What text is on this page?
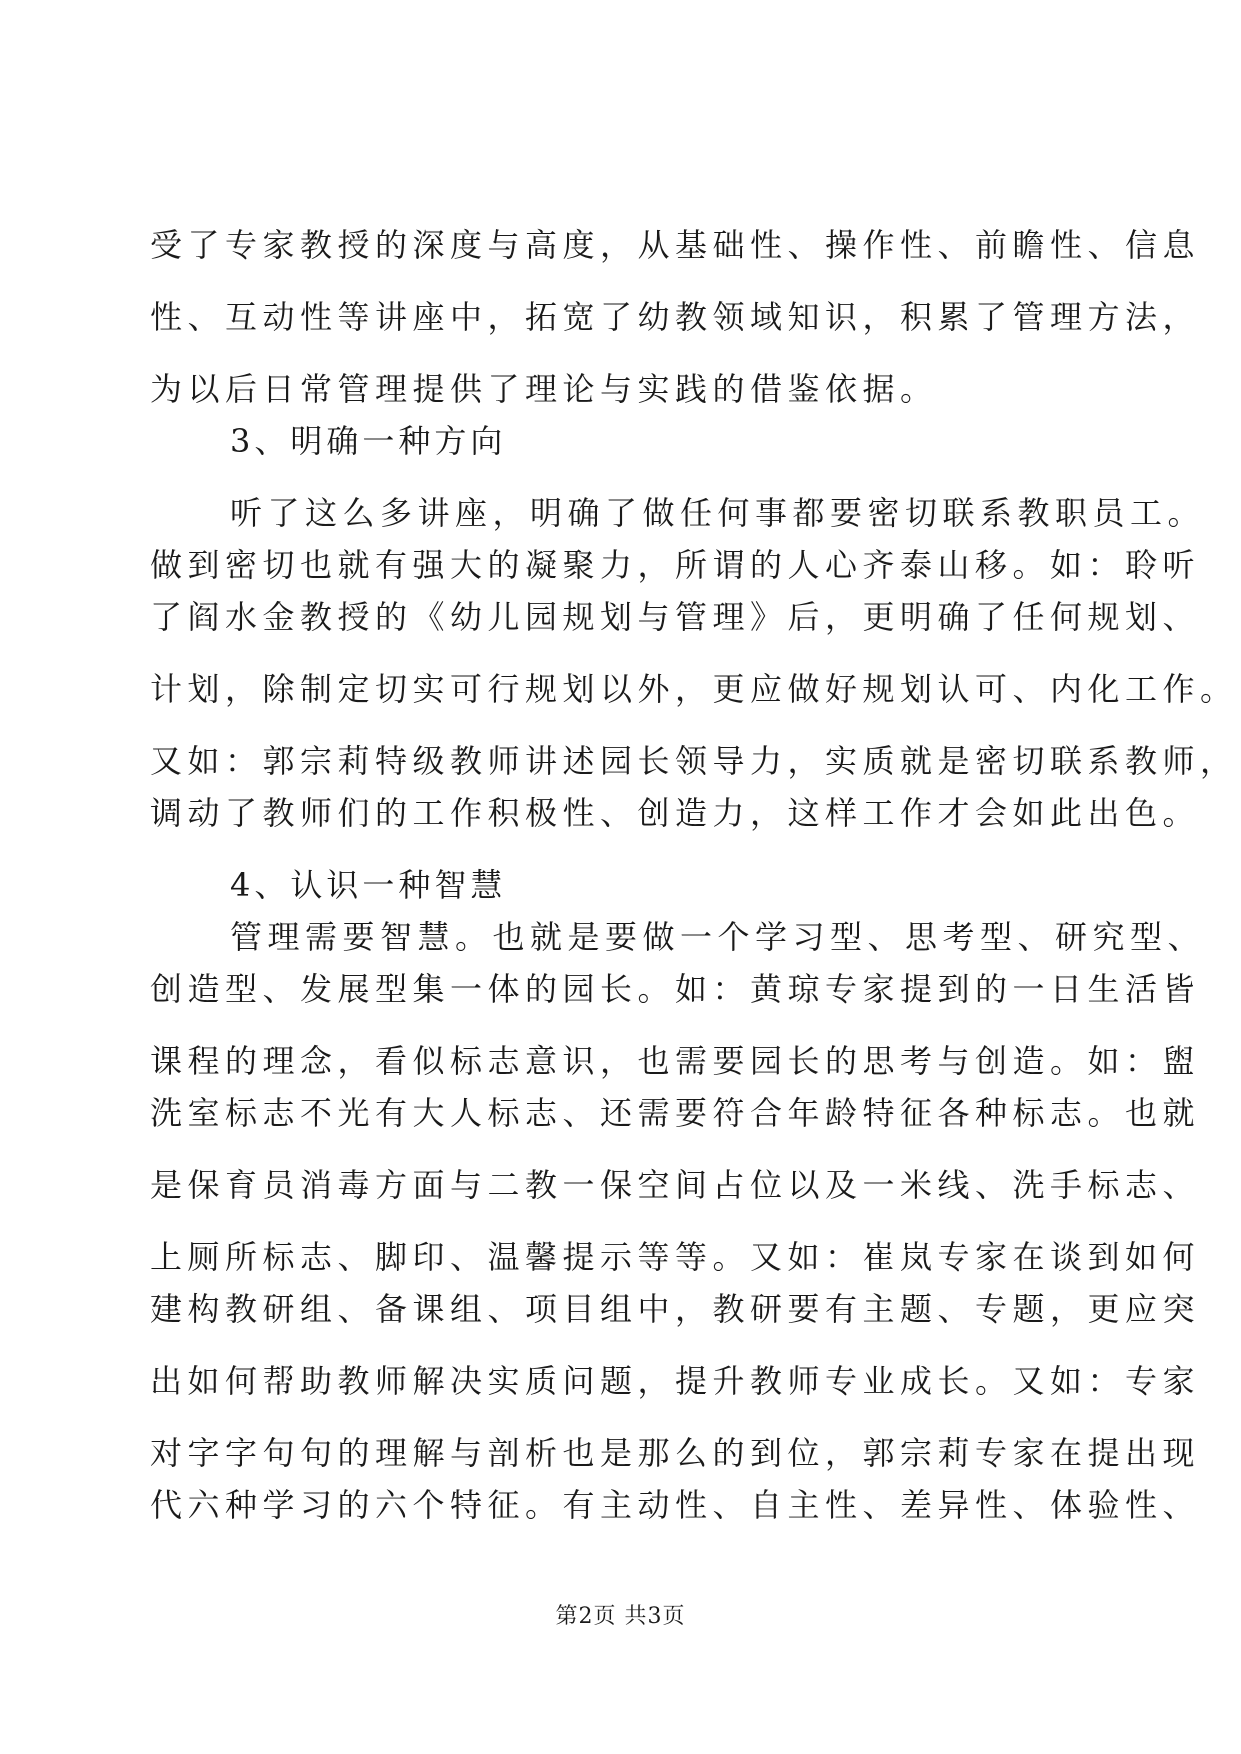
受了专家教授的深度与高度，从基础性、操作性、前瞻性、信息
性、互动性等讲座中，拓宽了幼教领域知识，积累了管理方法，
为以后日常管理提供了理论与实践的借鉴依据。
3、明确一种方向
听了这么多讲座，明确了做任何事都要密切联系教职员工。
做到密切也就有强大的凝聚力，所谓的人心齐泰山移。如：聆听
了阎水金教授的《幼儿园规划与管理》后，更明确了任何规划、
计划，除制定切实可行规划以外，更应做好规划认可、内化工作。
又如：郭宗莉特级教师讲述园长领导力，实质就是密切联系教师，
调动了教师们的工作积极性、创造力，这样工作才会如此出色。
4、认识一种智慧
管理需要智慧。也就是要做一个学习型、思考型、研究型、
创造型、发展型集一体的园长。如：黄琼专家提到的一日生活皆
课程的理念，看似标志意识，也需要园长的思考与创造。如：盥
洗室标志不光有大人标志、还需要符合年龄特征各种标志。也就
是保育员消毒方面与二教一保空间占位以及一米线、洗手标志、
上厕所标志、脚印、温馨提示等等。又如：崔岚专家在谈到如何
建构教研组、备课组、项目组中，教研要有主题、专题，更应突
出如何帮助教师解决实质问题，提升教师专业成长。又如：专家
对字字句句的理解与剖析也是那么的到位，郭宗莉专家在提出现
代六种学习的六个特征。有主动性、自主性、差异性、体验性、
第2页 共3页
